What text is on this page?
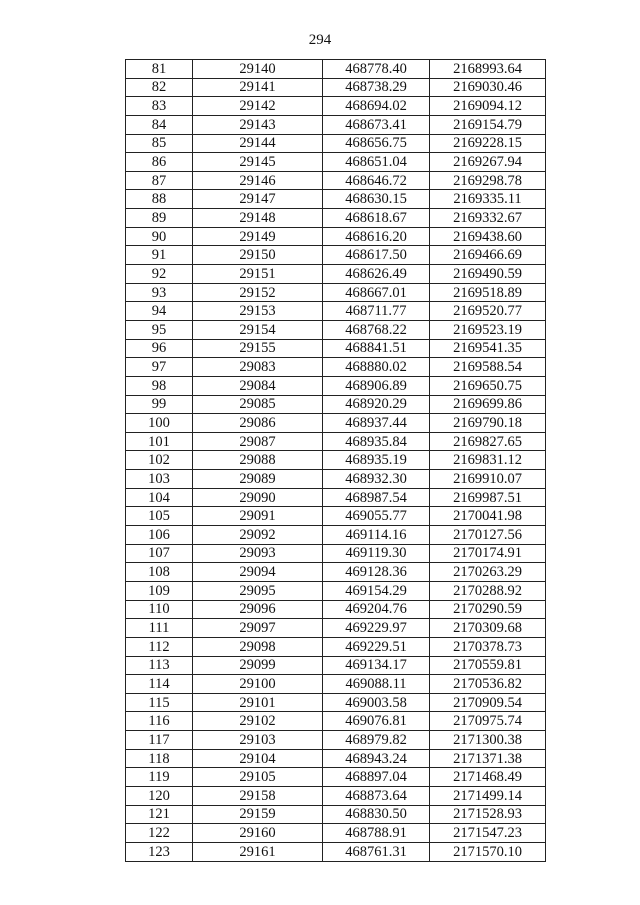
294
81	29140	468778.40	2168993.64
82	29141	468738.29	2169030.46
83	29142	468694.02	2169094.12
84	29143	468673.41	2169154.79
85	29144	468656.75	2169228.15
86	29145	468651.04	2169267.94
87	29146	468646.72	2169298.78
88	29147	468630.15	2169335.11
89	29148	468618.67	2169332.67
90	29149	468616.20	2169438.60
91	29150	468617.50	2169466.69
92	29151	468626.49	2169490.59
93	29152	468667.01	2169518.89
94	29153	468711.77	2169520.77
95	29154	468768.22	2169523.19
96	29155	468841.51	2169541.35
97	29083	468880.02	2169588.54
98	29084	468906.89	2169650.75
99	29085	468920.29	2169699.86
100	29086	468937.44	2169790.18
101	29087	468935.84	2169827.65
102	29088	468935.19	2169831.12
103	29089	468932.30	2169910.07
104	29090	468987.54	2169987.51
105	29091	469055.77	2170041.98
106	29092	469114.16	2170127.56
107	29093	469119.30	2170174.91
108	29094	469128.36	2170263.29
109	29095	469154.29	2170288.92
110	29096	469204.76	2170290.59
111	29097	469229.97	2170309.68
112	29098	469229.51	2170378.73
113	29099	469134.17	2170559.81
114	29100	469088.11	2170536.82
115	29101	469003.58	2170909.54
116	29102	469076.81	2170975.74
117	29103	468979.82	2171300.38
118	29104	468943.24	2171371.38
119	29105	468897.04	2171468.49
120	29158	468873.64	2171499.14
121	29159	468830.50	2171528.93
122	29160	468788.91	2171547.23
123	29161	468761.31	2171570.10
